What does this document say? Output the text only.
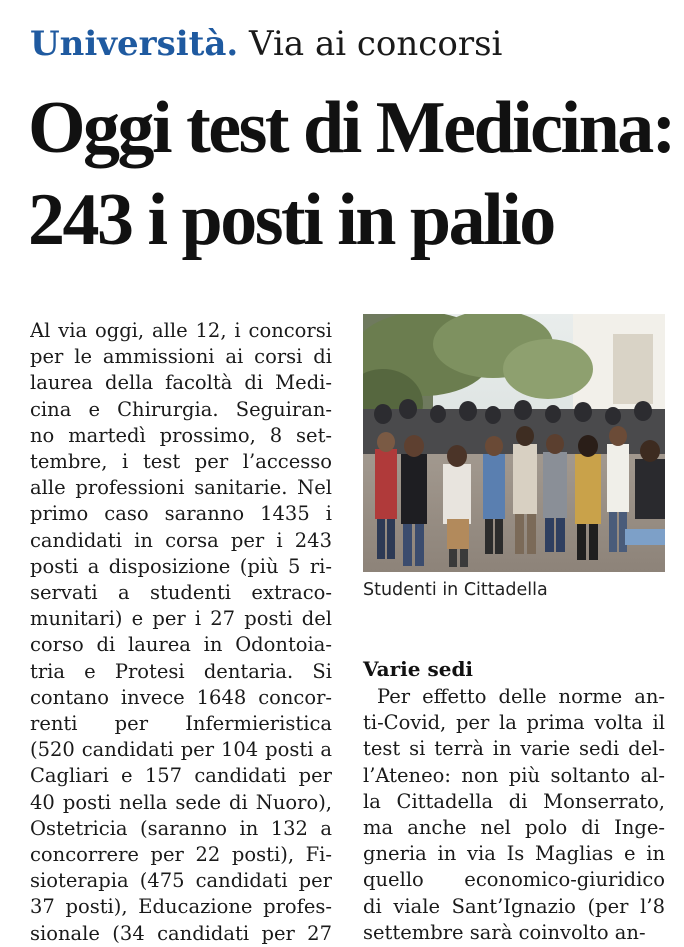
Università. Via ai concorsi
Oggi test di Medicina:
243 i posti in palio
Al via oggi, alle 12, i concorsi
per le ammissioni ai corsi di
laurea della facoltà di Medi-
cina e Chirurgia. Seguiran-
no martedì prossimo, 8 set-
tembre, i test per l’accesso
alle professioni sanitarie. Nel
primo caso saranno 1435 i
candidati in corsa per i 243
posti a disposizione (più 5 ri-
servati a studenti extraco-
munitari) e per i 27 posti del
corso di laurea in Odontoia-
tria e Protesi dentaria. Si
contano invece 1648 concor-
renti per Infermieristica
(520 candidati per 104 posti a
Cagliari e 157 candidati per
40 posti nella sede di Nuoro),
Ostetricia (saranno in 132 a
concorrere per 22 posti), Fi-
sioterapia (475 candidati per
37 posti), Educazione profes-
sionale (34 candidati per 27
Studenti in Cittadella
Varie sedi
Per effetto delle norme an-
ti-Covid, per la prima volta il
test si terrà in varie sedi del-
l’Ateneo: non più soltanto al-
la Cittadella di Monserrato,
ma anche nel polo di Inge-
gneria in via Is Maglias e in
quello economico-giuridico
di viale Sant’Ignazio (per l’8
settembre sarà coinvolto an-
